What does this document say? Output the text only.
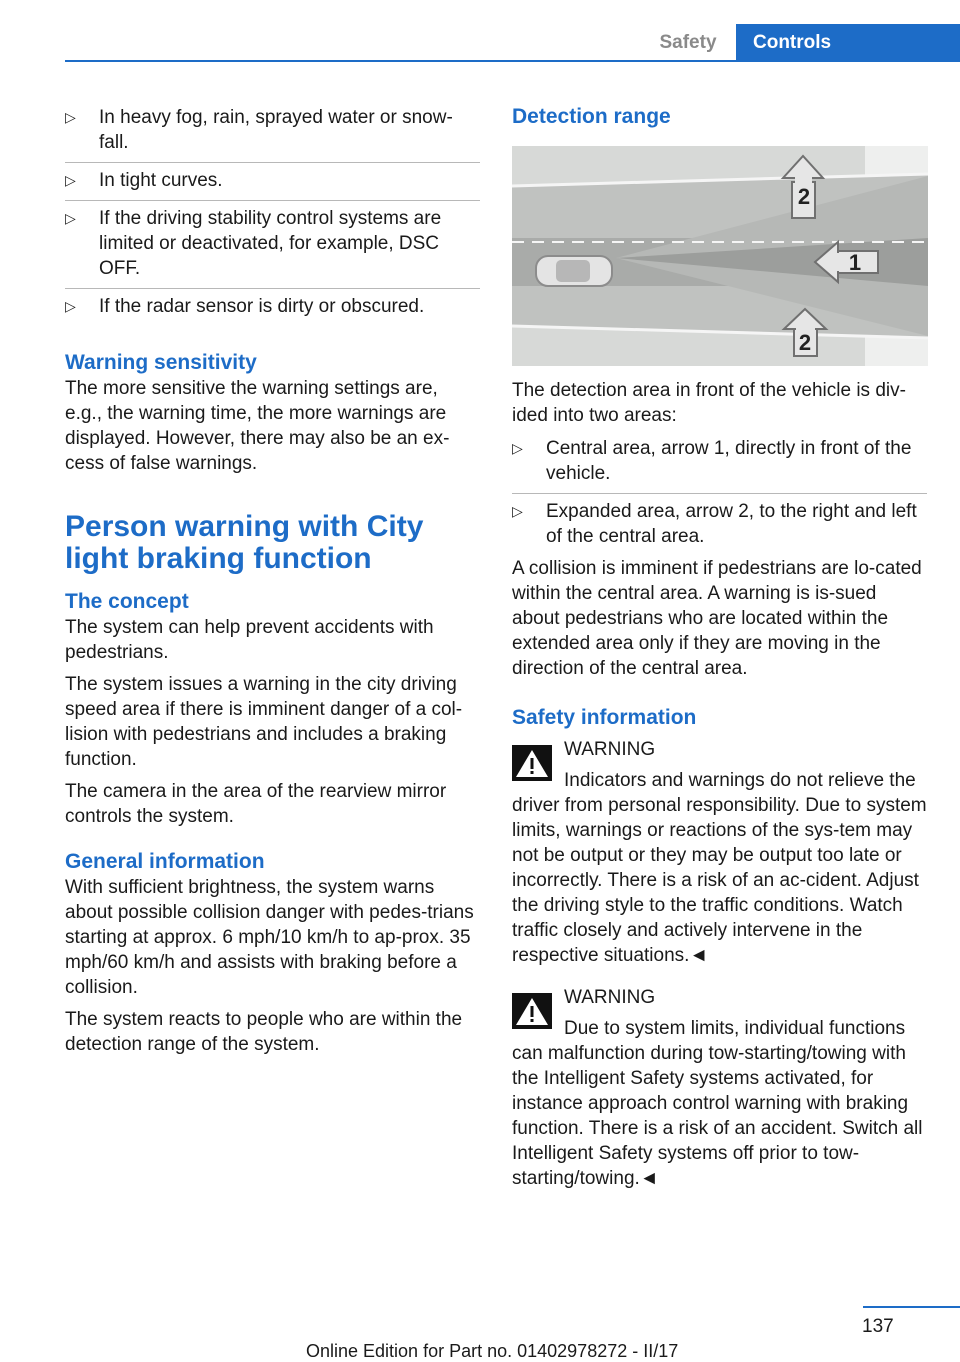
Safety	Controls
▷ In heavy fog, rain, sprayed water or snow-fall.
▷ In tight curves.
▷ If the driving stability control systems are limited or deactivated, for example, DSC OFF.
▷ If the radar sensor is dirty or obscured.
Warning sensitivity

The more sensitive the warning settings are, e.g., the warning time, the more warnings are displayed. However, there may also be an ex-cess of false warnings.

Person warning with City light braking function
The concept

The system can help prevent accidents with pedestrians.

The system issues a warning in the city driving speed area if there is imminent danger of a col-lision with pedestrians and includes a braking function.

The camera in the area of the rearview mirror controls the system.

General information

With sufficient brightness, the system warns about possible collision danger with pedes-trians starting at approx. 6 mph/10 km/h to ap-prox. 35 mph/60 km/h and assists with braking before a collision.

The system reacts to people who are within the detection range of the system.

Detection range
2
1
2

The detection area in front of the vehicle is div-ided into two areas:

▷ Central area, arrow 1, directly in front of the vehicle.
▷ Expanded area, arrow 2, to the right and left of the central area.

A collision is imminent if pedestrians are lo-cated within the central area. A warning is is-sued about pedestrians who are located within the extended area only if they are moving in the direction of the central area.

Safety information
WARNING

Indicators and warnings do not relieve the driver from personal responsibility. Due to system limits, warnings or reactions of the sys-tem may not be output or they may be output too late or incorrectly. There is a risk of an ac-cident. Adjust the driving style to the traffic conditions. Watch traffic closely and actively intervene in the respective situations.◄

WARNING

Due to system limits, individual functions can malfunction during tow-starting/towing with the Intelligent Safety systems activated, for instance approach control warning with braking function. There is a risk of an accident. Switch all Intelligent Safety systems off prior to tow-starting/towing.◄

137
Online Edition for Part no. 01402978272 - II/17
